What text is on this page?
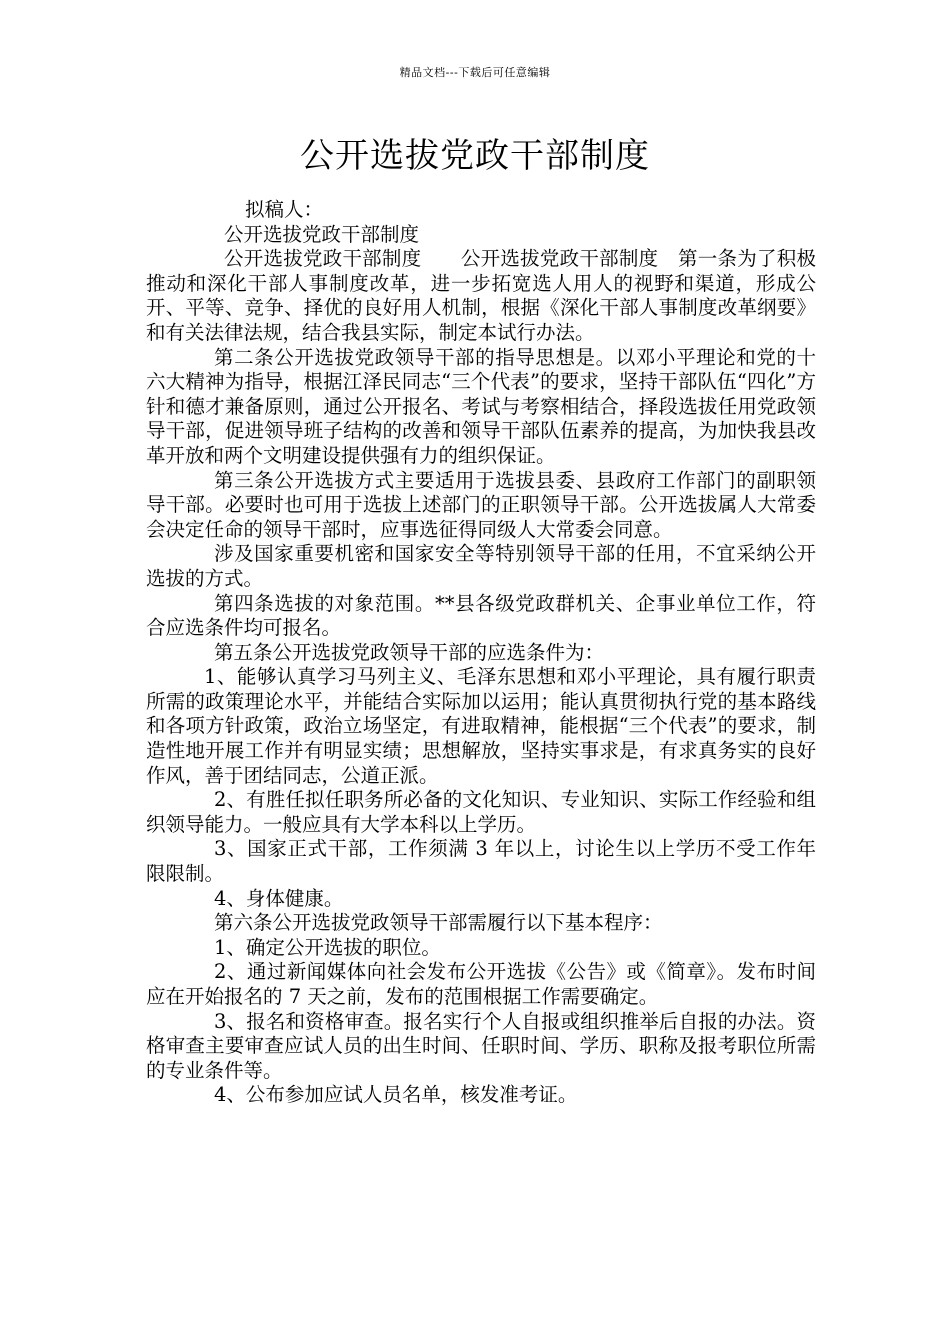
精品文档---下载后可任意编辑
公开选拔党政干部制度

拟稿人：

公开选拔党政干部制度

公开选拔党政干部制度　　公开选拔党政干部制度　第一条为了积极推动和深化干部人事制度改革，进一步拓宽选人用人的视野和渠道，形成公开、平等、竞争、择优的良好用人机制，根据《深化干部人事制度改革纲要》和有关法律法规，结合我县实际，制定本试行办法。

第二条公开选拔党政领导干部的指导思想是。以邓小平理论和党的十六大精神为指导，根据江泽民同志“三个代表”的要求，坚持干部队伍“四化”方针和德才兼备原则，通过公开报名、考试与考察相结合，择段选拔任用党政领导干部，促进领导班子结构的改善和领导干部队伍素养的提高，为加快我县改革开放和两个文明建设提供强有力的组织保证。

第三条公开选拔方式主要适用于选拔县委、县政府工作部门的副职领导干部。必要时也可用于选拔上述部门的正职领导干部。公开选拔属人大常委会决定任命的领导干部时，应事选征得同级人大常委会同意。

涉及国家重要机密和国家安全等特别领导干部的任用，不宜采纳公开选拔的方式。

第四条选拔的对象范围。**县各级党政群机关、企事业单位工作，符合应选条件均可报名。

第五条公开选拔党政领导干部的应选条件为：

1、能够认真学习马列主义、毛泽东思想和邓小平理论，具有履行职责所需的政策理论水平，并能结合实际加以运用；能认真贯彻执行党的基本路线和各项方针政策，政治立场坚定，有进取精神，能根据“三个代表”的要求，制造性地开展工作并有明显实绩；思想解放，坚持实事求是，有求真务实的良好作风，善于团结同志，公道正派。

2、有胜任拟任职务所必备的文化知识、专业知识、实际工作经验和组织领导能力。一般应具有大学本科以上学历。

3、国家正式干部，工作须满 3 年以上，讨论生以上学历不受工作年限限制。

4、身体健康。

第六条公开选拔党政领导干部需履行以下基本程序：

1、确定公开选拔的职位。

2、通过新闻媒体向社会发布公开选拔《公告》或《简章》。发布时间应在开始报名的 7 天之前，发布的范围根据工作需要确定。

3、报名和资格审查。报名实行个人自报或组织推举后自报的办法。资格审查主要审查应试人员的出生时间、任职时间、学历、职称及报考职位所需的专业条件等。

4、公布参加应试人员名单，核发准考证。
